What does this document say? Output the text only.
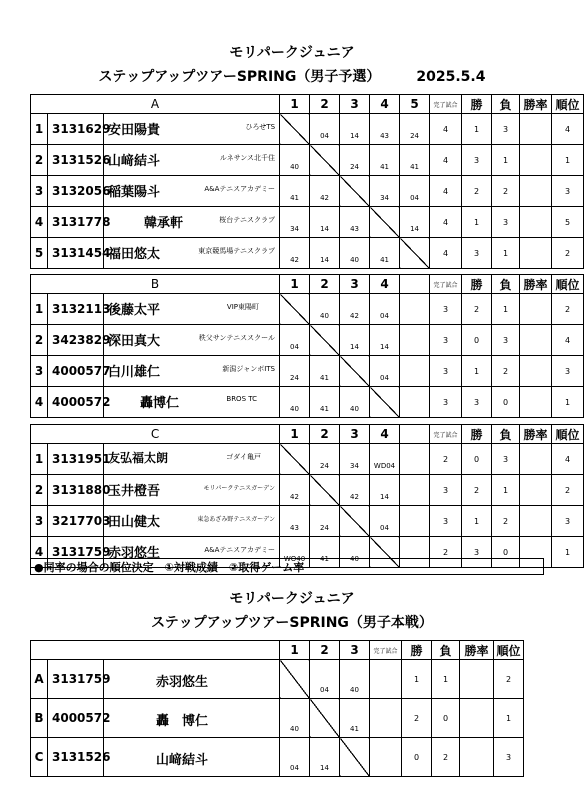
モリパークジュニア
ステップアップツアーSPRING（男子予選）	2025.5.4
A			1	2	3	4	5	完了試合	勝	負	勝率	順位
1	3131629	安田陽貴 ひろせTS		04	14	43	24	4	1	3		4
2	3131526	山﨑結斗 ルネサンス北千住	40		24	41	41	4	3	1		1
3	3132056	稲葉陽斗 A&Aテニスアカデミー	41	42		34	04	4	2	2		3
4	3131778	韓承軒 桜台テニスクラブ	34	14	43		14	4	1	3		5
5	3131454	福田悠太 東京競馬場テニスクラブ	42	14	40	41		4	3	1		2
B			1	2	3	4		完了試合	勝	負	勝率	順位
1	3132113	後藤太平 VIP東陽町		40	42	04		3	2	1		2
2	3423829	深田真大 秩父サンテニススクール	04		14	14		3	0	3		4
3	4000577	白川雄仁 新潟ジャンボITS	24	41		04		3	1	2		3
4	4000572	轟博仁 BROS TC	40	41	40			3	3	0		1
C			1	2	3	4		完了試合	勝	負	勝率	順位
1	3131951	友弘福太朗 ゴダイ亀戸		24	34	WD04		2	0	3		4
2	3131880	玉井橙吾 モリパークテニスガーデン	42		42	14		3	2	1		2
3	3217703	田山健太 東急あざみ野テニスガーデン	43	24		04		3	1	2		3
4	3131759	赤羽悠生 A&Aテニスアカデミー	WO40	41	40			2	3	0		1
●同率の場合の順位決定　①対戦成績　②取得ゲーム率
モリパークジュニア
ステップアップツアーSPRING（男子本戦）
			1	2	3	完了試合	勝	負	勝率	順位
A	3131759	赤羽悠生		04	40		1	1		2
B	4000572	轟　博仁	40		41		2	0		1
C	3131526	山﨑結斗	04	14			0	2		3
